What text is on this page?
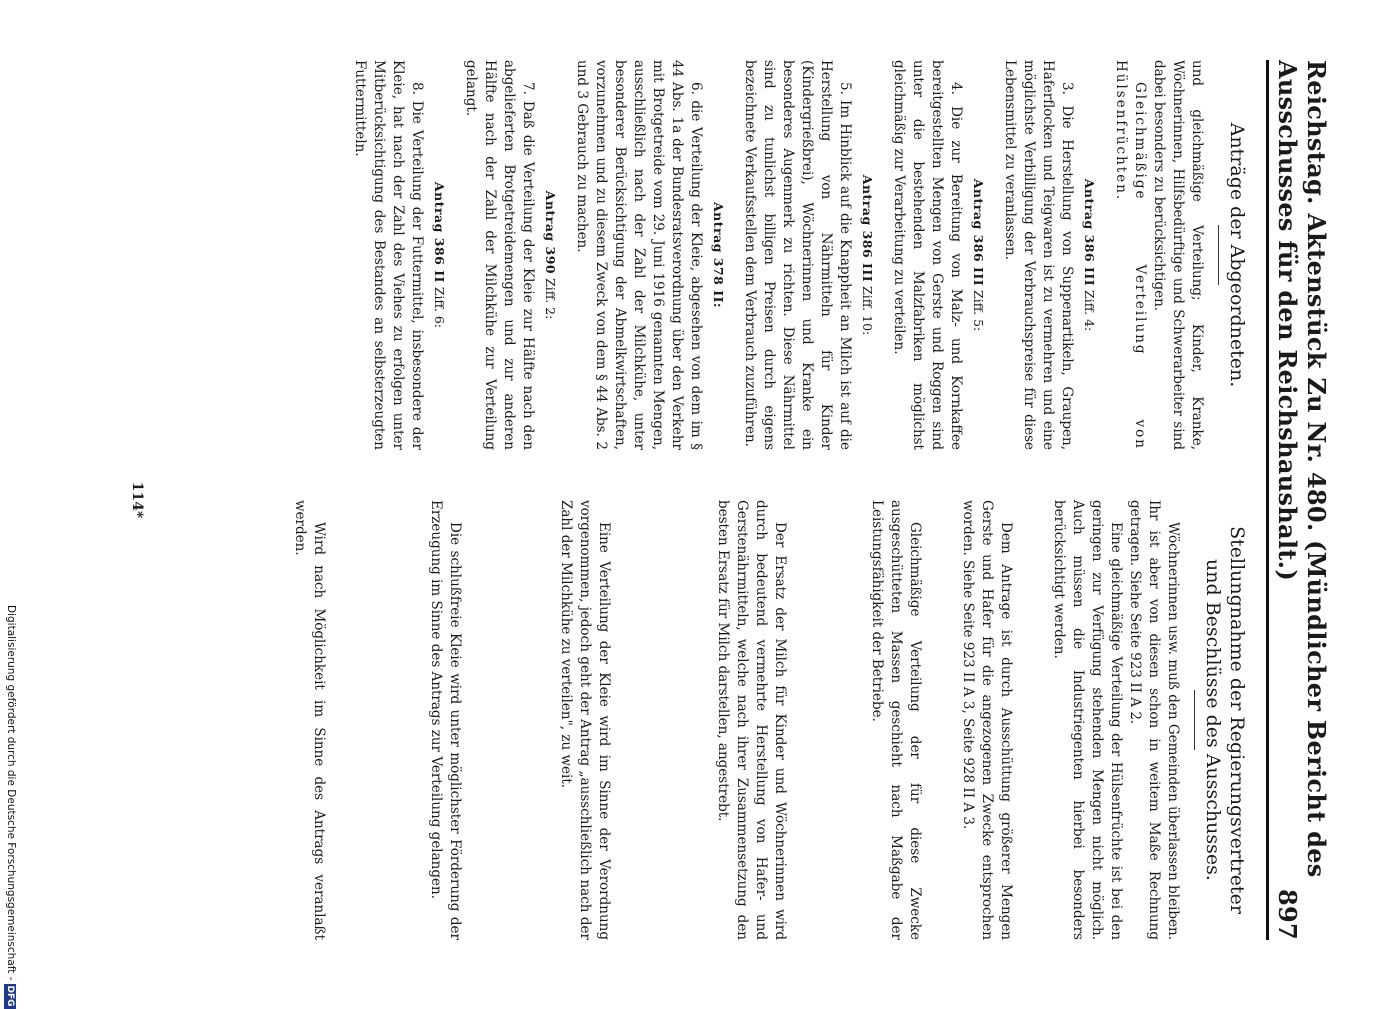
Reichstag. Aktenstück Zu Nr. 480. (Mündlicher Bericht des Ausschusses für den Reichshaushalt.)
897
Anträge der Abgeordneten.

und gleichmäßige Verteilung; Kinder, Kranke, Wöchnerinnen, Hilfsbedürftige und Schwerarbeiter sind dabei besonders zu berücksichtigen.

Gleichmäßige Verteilung von Hülsenfrüchten.

Antrag 386 III Ziff. 4:

3. Die Herstellung von Suppenartikeln, Graupen, Haferflocken und Teigwaren ist zu vermehren und eine möglichste Verbilligung der Verbrauchspreise für diese Lebensmittel zu veranlassen.

Antrag 386 III Ziff. 5:

4. Die zur Bereitung von Malz- und Kornkaffee bereitgestellten Mengen von Gerste und Roggen sind unter die bestehenden Malzfabriken möglichst gleichmäßig zur Verarbeitung zu verteilen.

Antrag 386 III Ziff. 10:

5. Im Hinblick auf die Knappheit an Milch ist auf die Herstellung von Nährmitteln für Kinder (Kindergrießbrei), Wöchnerinnen und Kranke ein besonderes Augenmerk zu richten. Diese Nährmittel sind zu tunlichst billigen Preisen durch eigens bezeichnete Verkaufsstellen dem Verbrauch zuzuführen.

Antrag 378 II:

6. die Verteilung der Kleie, abgesehen von dem im § 44 Abs. 1a der Bundesratsverordnung über den Verkehr mit Brotgetreide vom 29. Juni 1916 genannten Mengen, ausschließlich nach der Zahl der Milchkühe, unter besonderer Berücksichtigung der Abmelkwirtschaften, vorzunehmen und zu diesem Zweck von dem § 44 Abs. 2 und 3 Gebrauch zu machen.

Antrag 390 Ziff. 2:

7. Daß die Verteilung der Kleie zur Hälfte nach den abgelieferten Brotgetreidemengen und zur anderen Hälfte nach der Zahl der Milchkühe zur Verteilung gelangt.

Antrag 386 II Ziff. 6:

8. Die Verteilung der Futtermittel, insbesondere der Kleie, hat nach der Zahl des Viehes zu erfolgen unter Mitberücksichtigung des Bestandes an selbsterzeugten Futtermitteln.

Stellungnahme der Regierungsvertreter
und Beschlüsse des Ausschusses.

Wöchnerinnen usw. muß den Gemeinden überlassen bleiben. Ihr ist aber von diesen schon in weitem Maße Rechnung getragen. Siehe Seite 923 II A 2.

Eine gleichmäßige Verteilung der Hülsenfrüchte ist bei den geringen zur Verfügung stehenden Mengen nicht möglich. Auch müssen die Industriegenten hierbei besonders berücksichtigt werden.

Dem Antrage ist durch Ausschüttung größerer Mengen Gerste und Hafer für die angezogenen Zwecke entsprochen worden. Siehe Seite 923 II A 3, Seite 928 II A 3.

Gleichmäßige Verteilung der für diese Zwecke ausgeschütteten Massen geschieht nach Maßgabe der Leistungsfähigkeit der Betriebe.

Der Ersatz der Milch für Kinder und Wöchnerinnen wird durch bedeutend vermehrte Herstellung von Hafer- und Gerstenährmitteln, welche nach ihrer Zusammensetzung den besten Ersatz für Milch darstellen, angestrebt.

Eine Verteilung der Kleie wird im Sinne der Verordnung vorgenommen, jedoch geht der Antrag „ausschließlich nach der Zahl der Milchkühe zu verteilen", zu weit.

Die schlußfreie Kleie wird unter möglichster Förderung der Erzeugung im Sinne des Antrags zur Verteilung gelangen.

Wird nach Möglichkeit im Sinne des Antrags veranlaßt werden.

114*
Digitalisierung gefördert durch die Deutsche Forschungsgemeinschaft -DFG
